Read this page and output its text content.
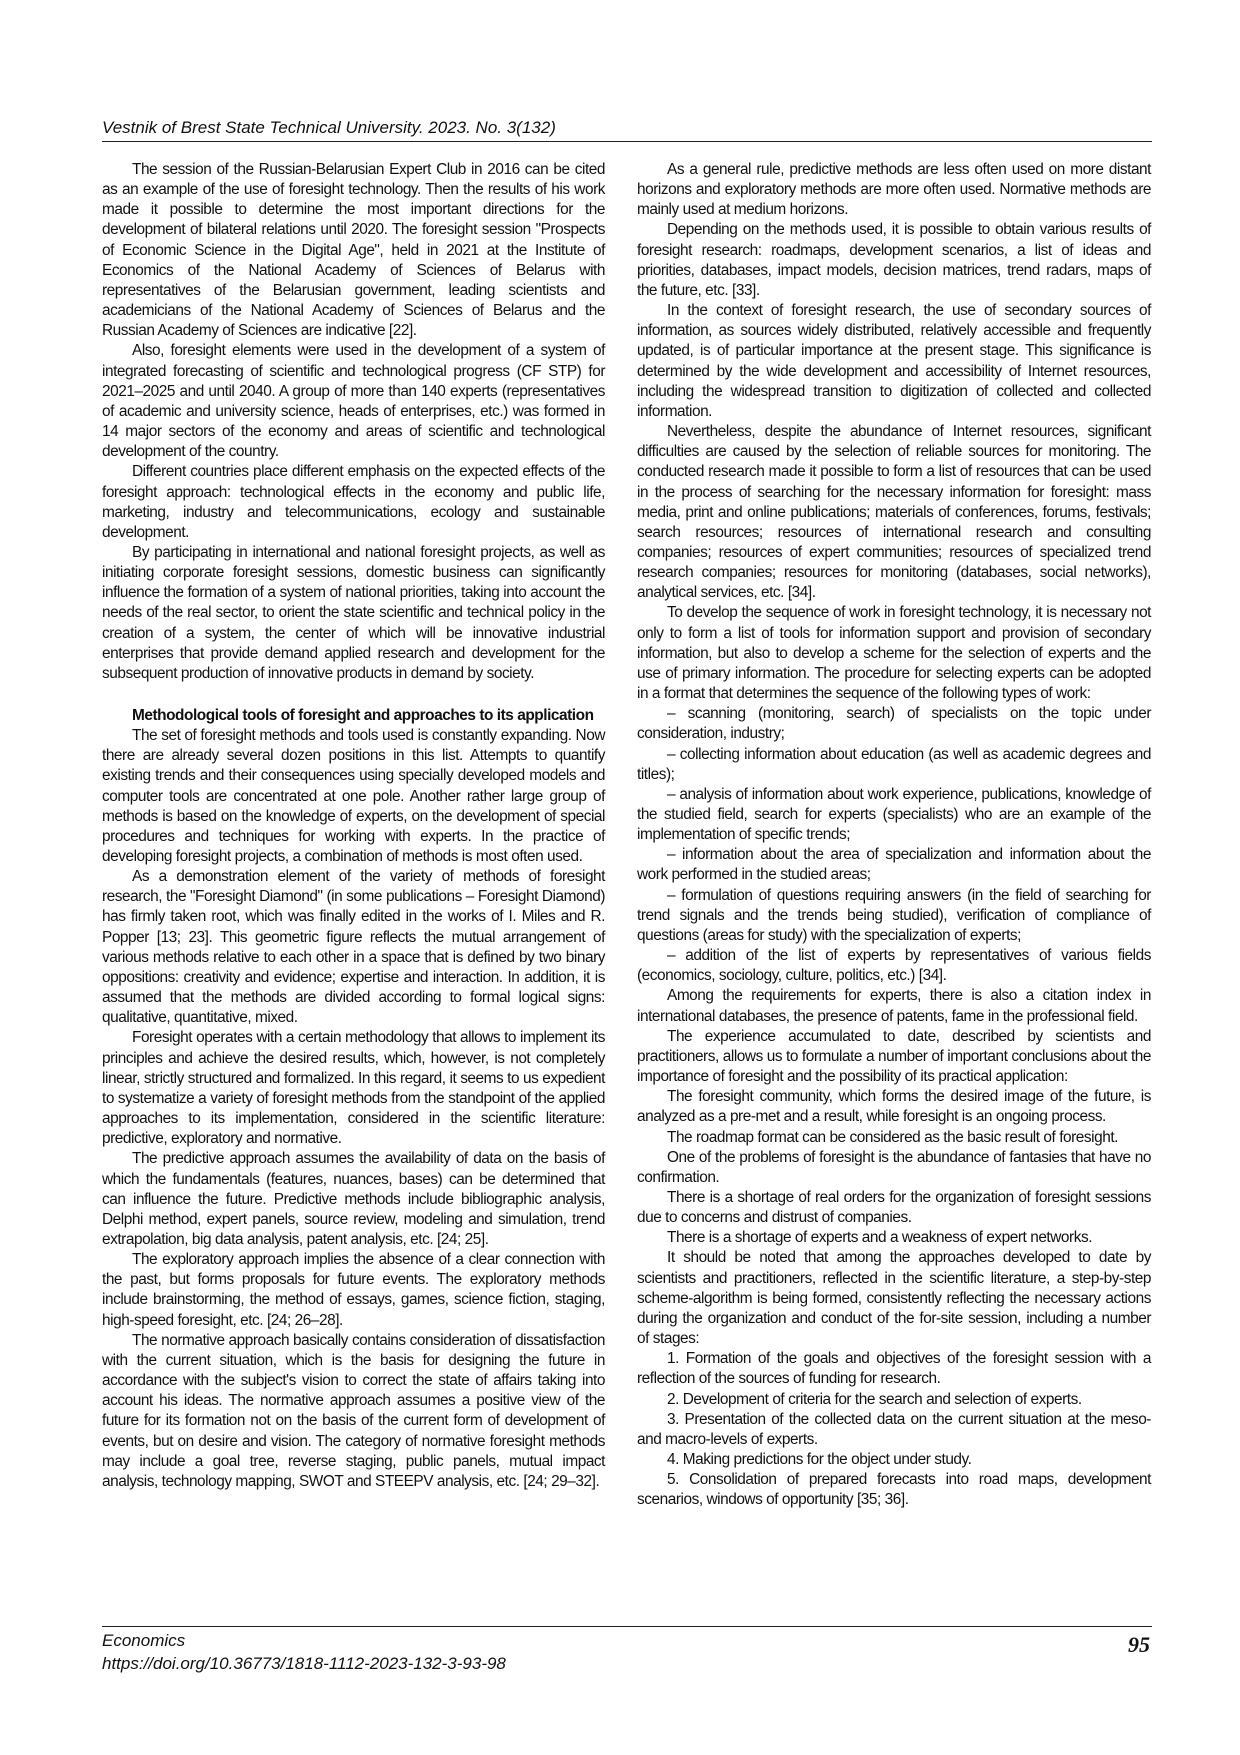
Vestnik of Brest State Technical University. 2023. No. 3(132)

The session of the Russian-Belarusian Expert Club in 2016 can be cited as an example of the use of foresight technology. Then the results of his work made it possible to determine the most important directions for the development of bilateral relations until 2020. The foresight session "Prospects of Economic Science in the Digital Age", held in 2021 at the Institute of Economics of the National Academy of Sciences of Belarus with representatives of the Belarusian government, leading scientists and academicians of the National Academy of Sciences of Belarus and the Russian Academy of Sciences are indicative [22].

Also, foresight elements were used in the development of a system of integrated forecasting of scientific and technological progress (CF STP) for 2021–2025 and until 2040. A group of more than 140 experts (representatives of academic and university science, heads of enterprises, etc.) was formed in 14 major sectors of the economy and areas of scientific and technological development of the country.

Different countries place different emphasis on the expected effects of the foresight approach: technological effects in the economy and public life, marketing, industry and telecommunications, ecology and sustainable development.

By participating in international and national foresight projects, as well as initiating corporate foresight sessions, domestic business can significantly influence the formation of a system of national priorities, taking into account the needs of the real sector, to orient the state scientific and technical policy in the creation of a system, the center of which will be innovative industrial enterprises that provide demand applied research and development for the subsequent production of innovative products in demand by society.

Methodological tools of foresight and approaches to its application

The set of foresight methods and tools used is constantly expanding. Now there are already several dozen positions in this list. Attempts to quantify existing trends and their consequences using specially developed models and computer tools are concentrated at one pole. Another rather large group of methods is based on the knowledge of experts, on the development of special procedures and techniques for working with experts. In the practice of developing foresight projects, a combination of methods is most often used.

As a demonstration element of the variety of methods of foresight research, the "Foresight Diamond" (in some publications – Foresight Diamond) has firmly taken root, which was finally edited in the works of I. Miles and R. Popper [13; 23]. This geometric figure reflects the mutual arrangement of various methods relative to each other in a space that is defined by two binary oppositions: creativity and evidence; expertise and interaction. In addition, it is assumed that the methods are divided according to formal logical signs: qualitative, quantitative, mixed.

Foresight operates with a certain methodology that allows to implement its principles and achieve the desired results, which, however, is not completely linear, strictly structured and formalized. In this regard, it seems to us expedient to systematize a variety of foresight methods from the standpoint of the applied approaches to its implementation, considered in the scientific literature: predictive, exploratory and normative.

The predictive approach assumes the availability of data on the basis of which the fundamentals (features, nuances, bases) can be determined that can influence the future. Predictive methods include bibliographic analysis, Delphi method, expert panels, source review, modeling and simulation, trend extrapolation, big data analysis, patent analysis, etc. [24; 25].

The exploratory approach implies the absence of a clear connection with the past, but forms proposals for future events. The exploratory methods include brainstorming, the method of essays, games, science fiction, staging, high-speed foresight, etc. [24; 26–28].

The normative approach basically contains consideration of dissatisfaction with the current situation, which is the basis for designing the future in accordance with the subject's vision to correct the state of affairs taking into account his ideas. The normative approach assumes a positive view of the future for its formation not on the basis of the current form of development of events, but on desire and vision. The category of normative foresight methods may include a goal tree, reverse staging, public panels, mutual impact analysis, technology mapping, SWOT and STEEPV analysis, etc. [24; 29–32].

As a general rule, predictive methods are less often used on more distant horizons and exploratory methods are more often used. Normative methods are mainly used at medium horizons.

Depending on the methods used, it is possible to obtain various results of foresight research: roadmaps, development scenarios, a list of ideas and priorities, databases, impact models, decision matrices, trend radars, maps of the future, etc. [33].

In the context of foresight research, the use of secondary sources of information, as sources widely distributed, relatively accessible and frequently updated, is of particular importance at the present stage. This significance is determined by the wide development and accessibility of Internet resources, including the widespread transition to digitization of collected and collected information.

Nevertheless, despite the abundance of Internet resources, significant difficulties are caused by the selection of reliable sources for monitoring. The conducted research made it possible to form a list of resources that can be used in the process of searching for the necessary information for foresight: mass media, print and online publications; materials of conferences, forums, festivals; search resources; resources of international research and consulting companies; resources of expert communities; resources of specialized trend research companies; resources for monitoring (databases, social networks), analytical services, etc. [34].

To develop the sequence of work in foresight technology, it is necessary not only to form a list of tools for information support and provision of secondary information, but also to develop a scheme for the selection of experts and the use of primary information. The procedure for selecting experts can be adopted in a format that determines the sequence of the following types of work:

– scanning (monitoring, search) of specialists on the topic under consideration, industry;

– collecting information about education (as well as academic degrees and titles);

– analysis of information about work experience, publications, knowledge of the studied field, search for experts (specialists) who are an example of the implementation of specific trends;

– information about the area of specialization and information about the work performed in the studied areas;

– formulation of questions requiring answers (in the field of searching for trend signals and the trends being studied), verification of compliance of questions (areas for study) with the specialization of experts;

– addition of the list of experts by representatives of various fields (economics, sociology, culture, politics, etc.) [34].

Among the requirements for experts, there is also a citation index in international databases, the presence of patents, fame in the professional field.

The experience accumulated to date, described by scientists and practitioners, allows us to formulate a number of important conclusions about the importance of foresight and the possibility of its practical application:

The foresight community, which forms the desired image of the future, is analyzed as a pre-met and a result, while foresight is an ongoing process.

The roadmap format can be considered as the basic result of foresight.

One of the problems of foresight is the abundance of fantasies that have no confirmation.

There is a shortage of real orders for the organization of foresight sessions due to concerns and distrust of companies.

There is a shortage of experts and a weakness of expert networks.

It should be noted that among the approaches developed to date by scientists and practitioners, reflected in the scientific literature, a step-by-step scheme-algorithm is being formed, consistently reflecting the necessary actions during the organization and conduct of the for-site session, including a number of stages:

1. Formation of the goals and objectives of the foresight session with a reflection of the sources of funding for research.

2. Development of criteria for the search and selection of experts.

3. Presentation of the collected data on the current situation at the meso- and macro-levels of experts.

4. Making predictions for the object under study.

5. Consolidation of prepared forecasts into road maps, development scenarios, windows of opportunity [35; 36].

Economics
https://doi.org/10.36773/1818-1112-2023-132-3-93-98
95
